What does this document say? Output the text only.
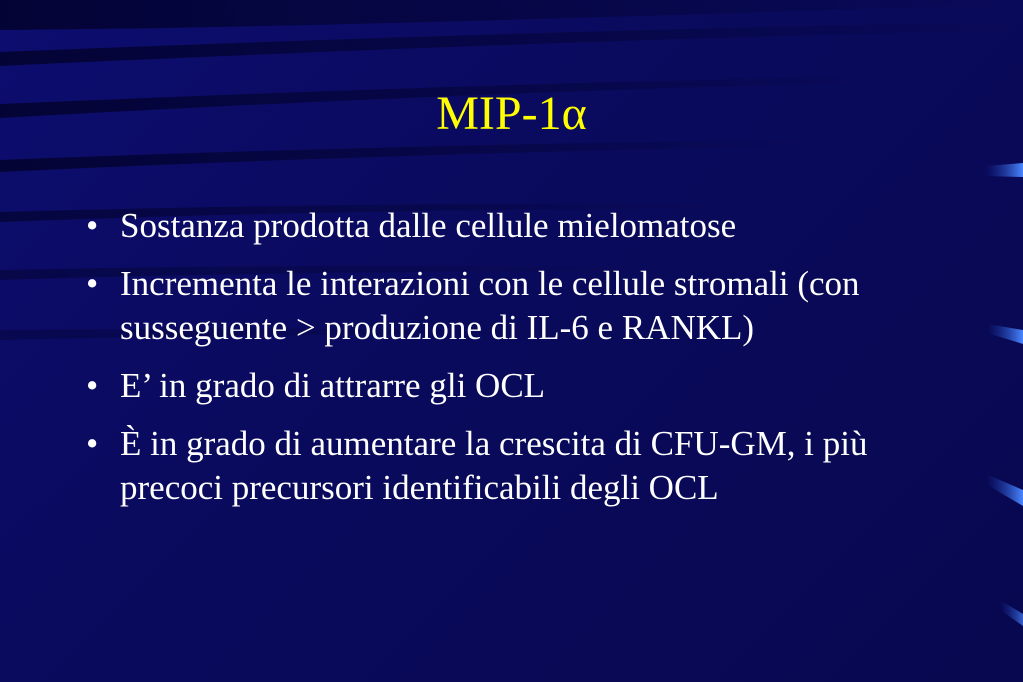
MIP-1α
• Sostanza prodotta dalle cellule mielomatose
• Incrementa le interazioni con le cellule stromali (con susseguente > produzione di IL-6 e RANKL)
• E’ in grado di attrarre gli OCL
• È in grado di aumentare la crescita di CFU-GM, i più precoci precursori identificabili degli OCL
